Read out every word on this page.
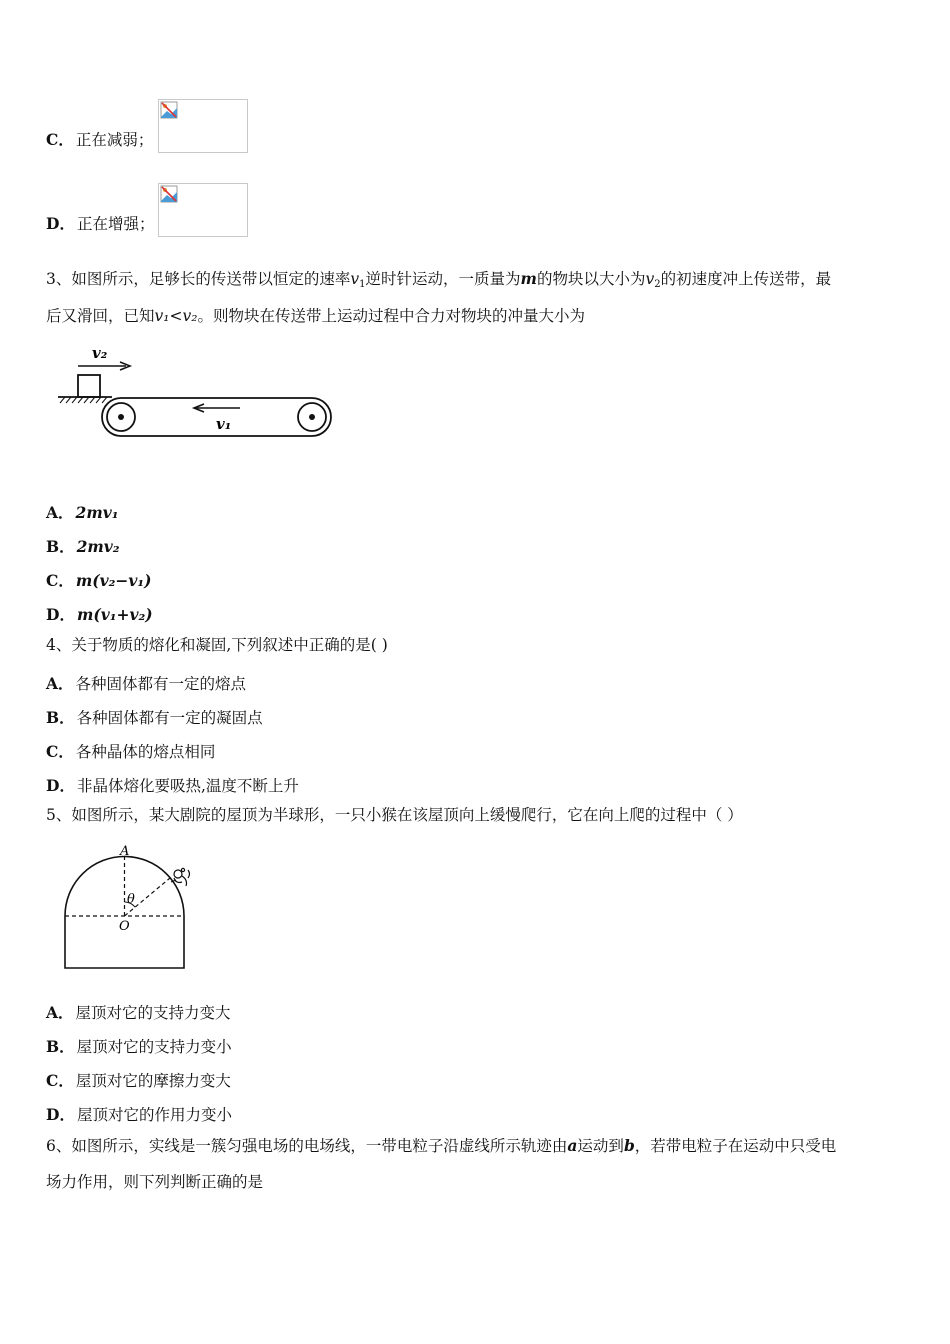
C． 正在减弱；
D． 正在增强；
3、如图所示，足够长的传送带以恒定的速率$v_1$逆时针运动，一质量为m的物块以大小为$v_2$的初速度冲上传送带，最
后又滑回，已知v₁<v₂。则物块在传送带上运动过程中合力对物块的冲量大小为
v₂
v₁
A． 2mv₁
B． 2mv₂
C． m(v₂−v₁)
D． m(v₁+v₂)
4、关于物质的熔化和凝固,下列叙述中正确的是( )
A． 各种固体都有一定的熔点
B． 各种固体都有一定的凝固点
C． 各种晶体的熔点相同
D． 非晶体熔化要吸热,温度不断上升
5、如图所示，某大剧院的屋顶为半球形，一只小猴在该屋顶向上缓慢爬行，它在向上爬的过程中（ ）
A
θ
O
A． 屋顶对它的支持力变大
B． 屋顶对它的支持力变小
C． 屋顶对它的摩擦力变大
D． 屋顶对它的作用力变小
6、如图所示，实线是一簇匀强电场的电场线，一带电粒子沿虚线所示轨迹由a运动到b，若带电粒子在运动中只受电
场力作用，则下列判断正确的是
